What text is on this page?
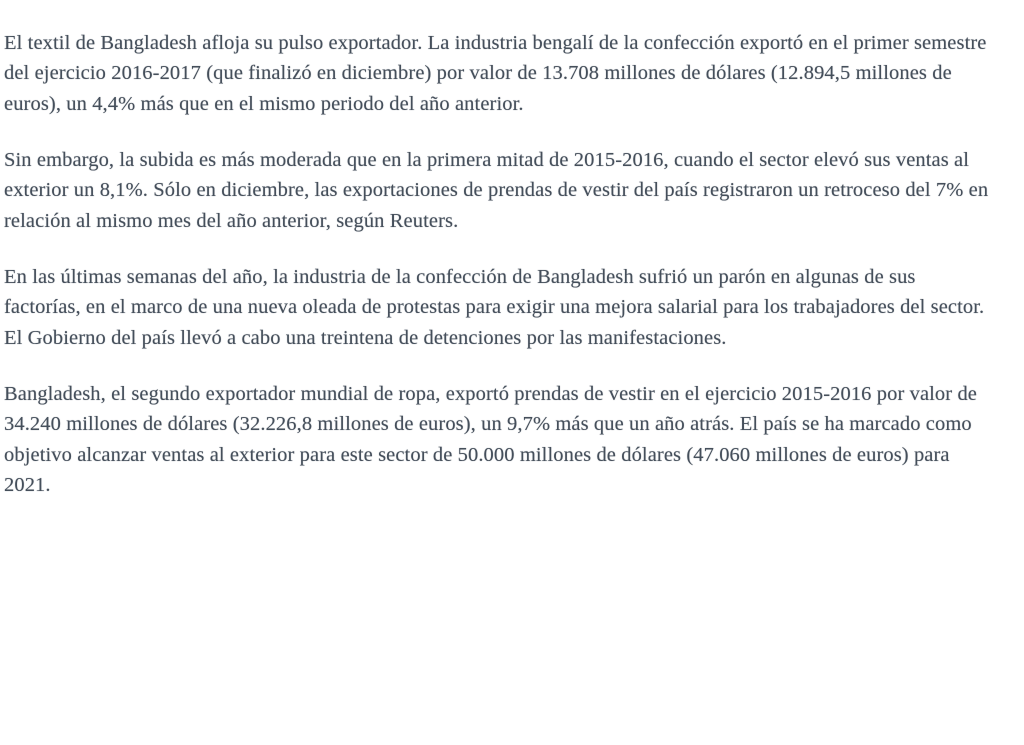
El textil de Bangladesh afloja su pulso exportador. La industria bengalí de la confección exportó en el primer semestre del ejercicio 2016-2017 (que finalizó en diciembre) por valor de 13.708 millones de dólares (12.894,5 millones de euros), un 4,4% más que en el mismo periodo del año anterior.

Sin embargo, la subida es más moderada que en la primera mitad de 2015-2016, cuando el sector elevó sus ventas al exterior un 8,1%. Sólo en diciembre, las exportaciones de prendas de vestir del país registraron un retroceso del 7% en relación al mismo mes del año anterior, según Reuters.

En las últimas semanas del año, la industria de la confección de Bangladesh sufrió un parón en algunas de sus factorías, en el marco de una nueva oleada de protestas para exigir una mejora salarial para los trabajadores del sector. El Gobierno del país llevó a cabo una treintena de detenciones por las manifestaciones.

Bangladesh, el segundo exportador mundial de ropa, exportó prendas de vestir en el ejercicio 2015-2016 por valor de 34.240 millones de dólares (32.226,8 millones de euros), un 9,7% más que un año atrás. El país se ha marcado como objetivo alcanzar ventas al exterior para este sector de 50.000 millones de dólares (47.060 millones de euros) para 2021.
